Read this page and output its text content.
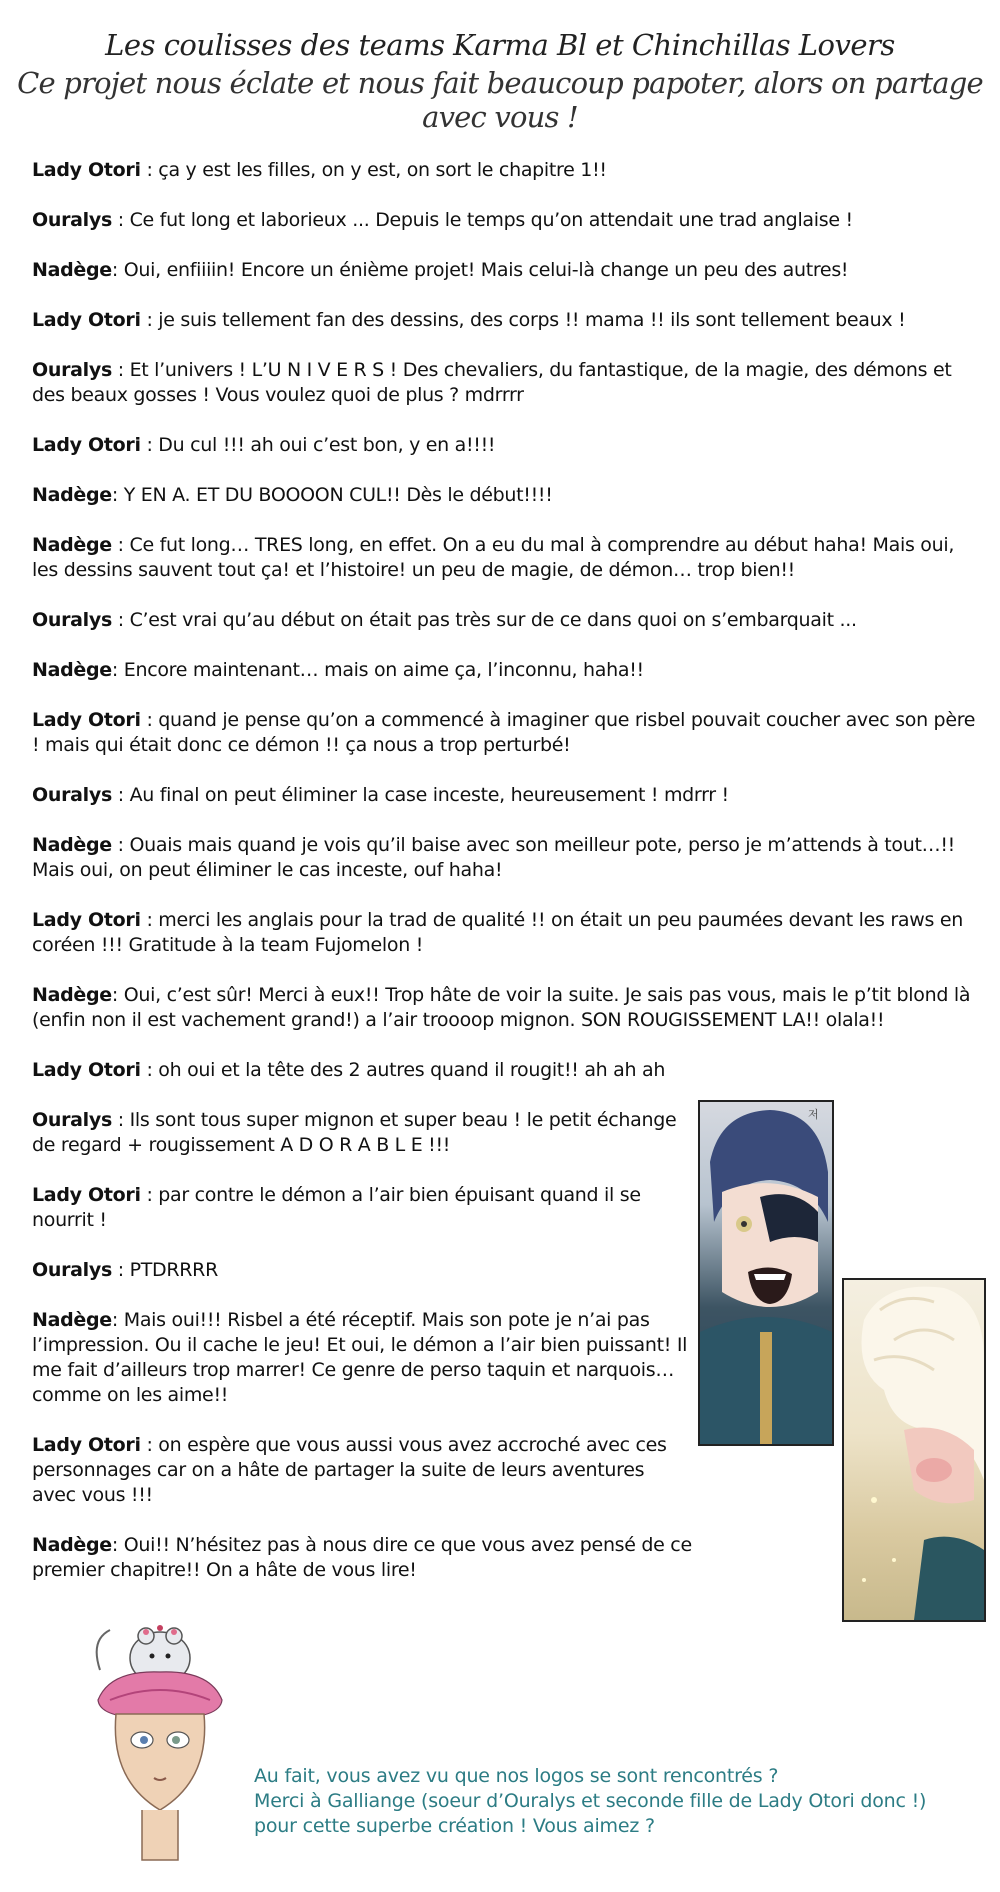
Les coulisses des teams Karma Bl et Chinchillas Lovers

Ce projet nous éclate et nous fait beaucoup papoter, alors on partage avec vous !

Lady Otori : ça y est les filles, on y est, on sort le chapitre 1!!

Ouralys : Ce fut long et laborieux ... Depuis le temps qu’on attendait une trad anglaise !

Nadège: Oui, enfiiiin! Encore un énième projet! Mais celui-là change un peu des autres!

Lady Otori : je suis tellement fan des dessins, des corps !! mama !! ils sont tellement beaux !

Ouralys : Et l’univers ! L’U N I V E R S ! Des chevaliers, du fantastique, de la magie, des démons et des beaux gosses ! Vous voulez quoi de plus ? mdrrrr

Lady Otori : Du cul !!! ah oui c’est bon, y en a!!!!

Nadège: Y EN A. ET DU BOOOON CUL!! Dès le début!!!!

Nadège : Ce fut long… TRES long, en effet. On a eu du mal à comprendre au début haha! Mais oui, les dessins sauvent tout ça! et l’histoire! un peu de magie, de démon… trop bien!!

Ouralys : C’est vrai qu’au début on était pas très sur de ce dans quoi on s’embarquait ...

Nadège: Encore maintenant… mais on aime ça, l’inconnu, haha!!

Lady Otori : quand je pense qu’on a commencé à imaginer que risbel pouvait coucher avec son père ! mais qui était donc ce démon !! ça nous a trop perturbé!

Ouralys : Au final on peut éliminer la case inceste, heureusement ! mdrrr !

Nadège : Ouais mais quand je vois qu’il baise avec son meilleur pote, perso je m’attends à tout…!! Mais oui, on peut éliminer le cas inceste, ouf haha!

Lady Otori : merci les anglais pour la trad de qualité !! on était un peu paumées devant les raws en coréen !!! Gratitude à la team Fujomelon !

Nadège: Oui, c’est sûr! Merci à eux!! Trop hâte de voir la suite. Je sais pas vous, mais le p’tit blond là (enfin non il est vachement grand!) a l’air troooop mignon. SON ROUGISSEMENT LA!! olala!!

Lady Otori : oh oui et la tête des 2 autres quand il rougit!! ah ah ah

Ouralys : Ils sont tous super mignon et super beau ! le petit échange de regard + rougissement A D O R A B L E !!!

Lady Otori : par contre le démon a l’air bien épuisant quand il se nourrit !

Ouralys : PTDRRRR

Nadège: Mais oui!!! Risbel a été réceptif. Mais son pote je n’ai pas l’impression. Ou il cache le jeu! Et oui, le démon a l’air bien puissant! Il me fait d’ailleurs trop marrer! Ce genre de perso taquin et narquois… comme on les aime!!

Lady Otori : on espère que vous aussi vous avez accroché avec ces personnages car on a hâte de partager la suite de leurs aventures avec vous !!!

Nadège: Oui!! N’hésitez pas à nous dire ce que vous avez pensé de ce premier chapitre!! On a hâte de vous lire!

저

Au fait, vous avez vu que nos logos se sont rencontrés ?

Merci à Galliange (soeur d’Ouralys et seconde fille de Lady Otori donc !)

pour cette superbe création ! Vous aimez ?
